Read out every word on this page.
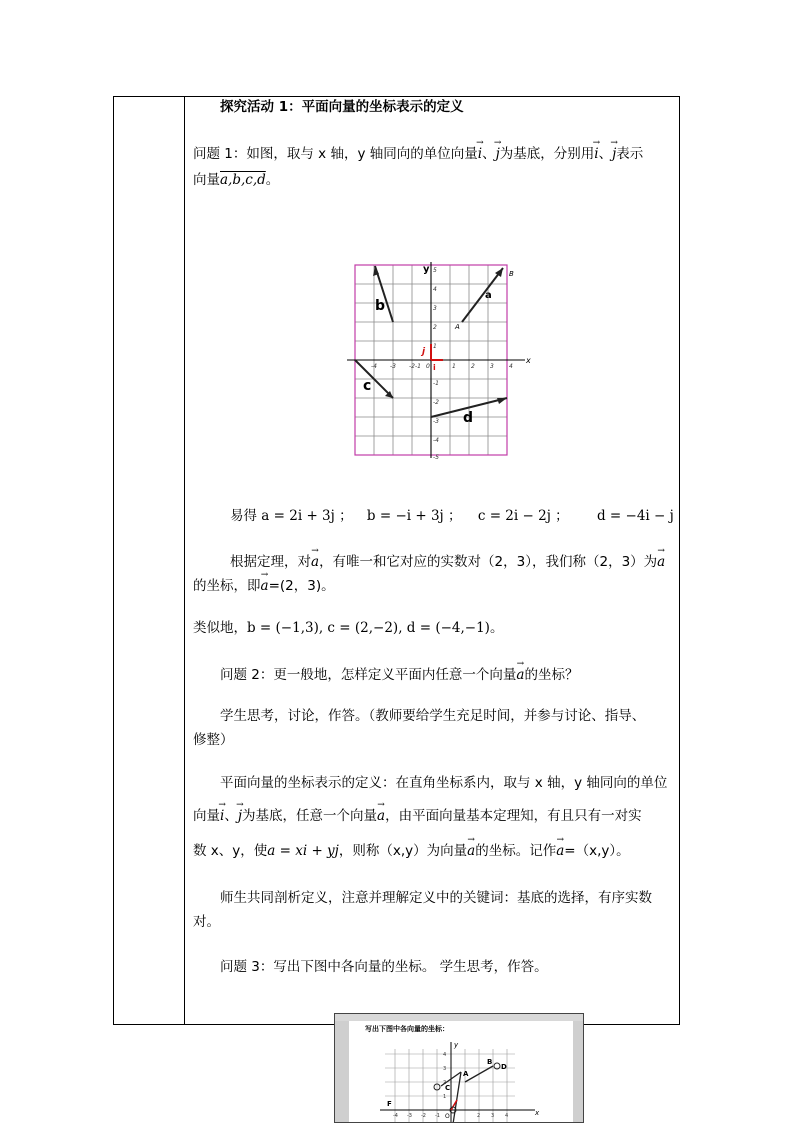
探究活动 1：平面向量的坐标表示的定义
问题 1：如图，取与 x 轴，y 轴同向的单位向量→ i、→ j为基底，分别用→ i、→ j表示
向量a,b,c,d。
易得 a = 2i + 3j ； b = −i + 3j ； c = 2i − 2j ； d = −4i − j
根据定理，对→ a，有唯一和它对应的实数对（2，3），我们称（2，3）为→ a
的坐标，即→ a=(2，3)。
类似地，b = (−1,3), c = (2,−2), d = (−4,−1)。
问题 2：更一般地，怎样定义平面内任意一个向量→ a的坐标？
学生思考，讨论，作答。（教师要给学生充足时间，并参与讨论、指导、
修整）
平面向量的坐标表示的定义：在直角坐标系内，取与 x 轴，y 轴同向的单位
向量→ i、→ j为基底，任意一个向量→ a，由平面向量基本定理知，有且只有一对实
数 x、y，使a = xi + yj，则称（x,y）为向量→ a的坐标。记作→ a=（x,y）。
师生共同剖析定义，注意并理解定义中的关键词：基底的选择，有序实数
对。
问题 3：写出下图中各向量的坐标。 学生思考，作答。
x
y
-4 -3 -2 -1 0	1	2	3	4
5
4
3
2
1
-1
-2
-3
-4
-5
i
j
a
A
B
b
c
d
写出下图中各向量的坐标：
y
x
C
A
B
D
F
O
4
3
2
1
-4 -3 -2 -1	2 3 4
